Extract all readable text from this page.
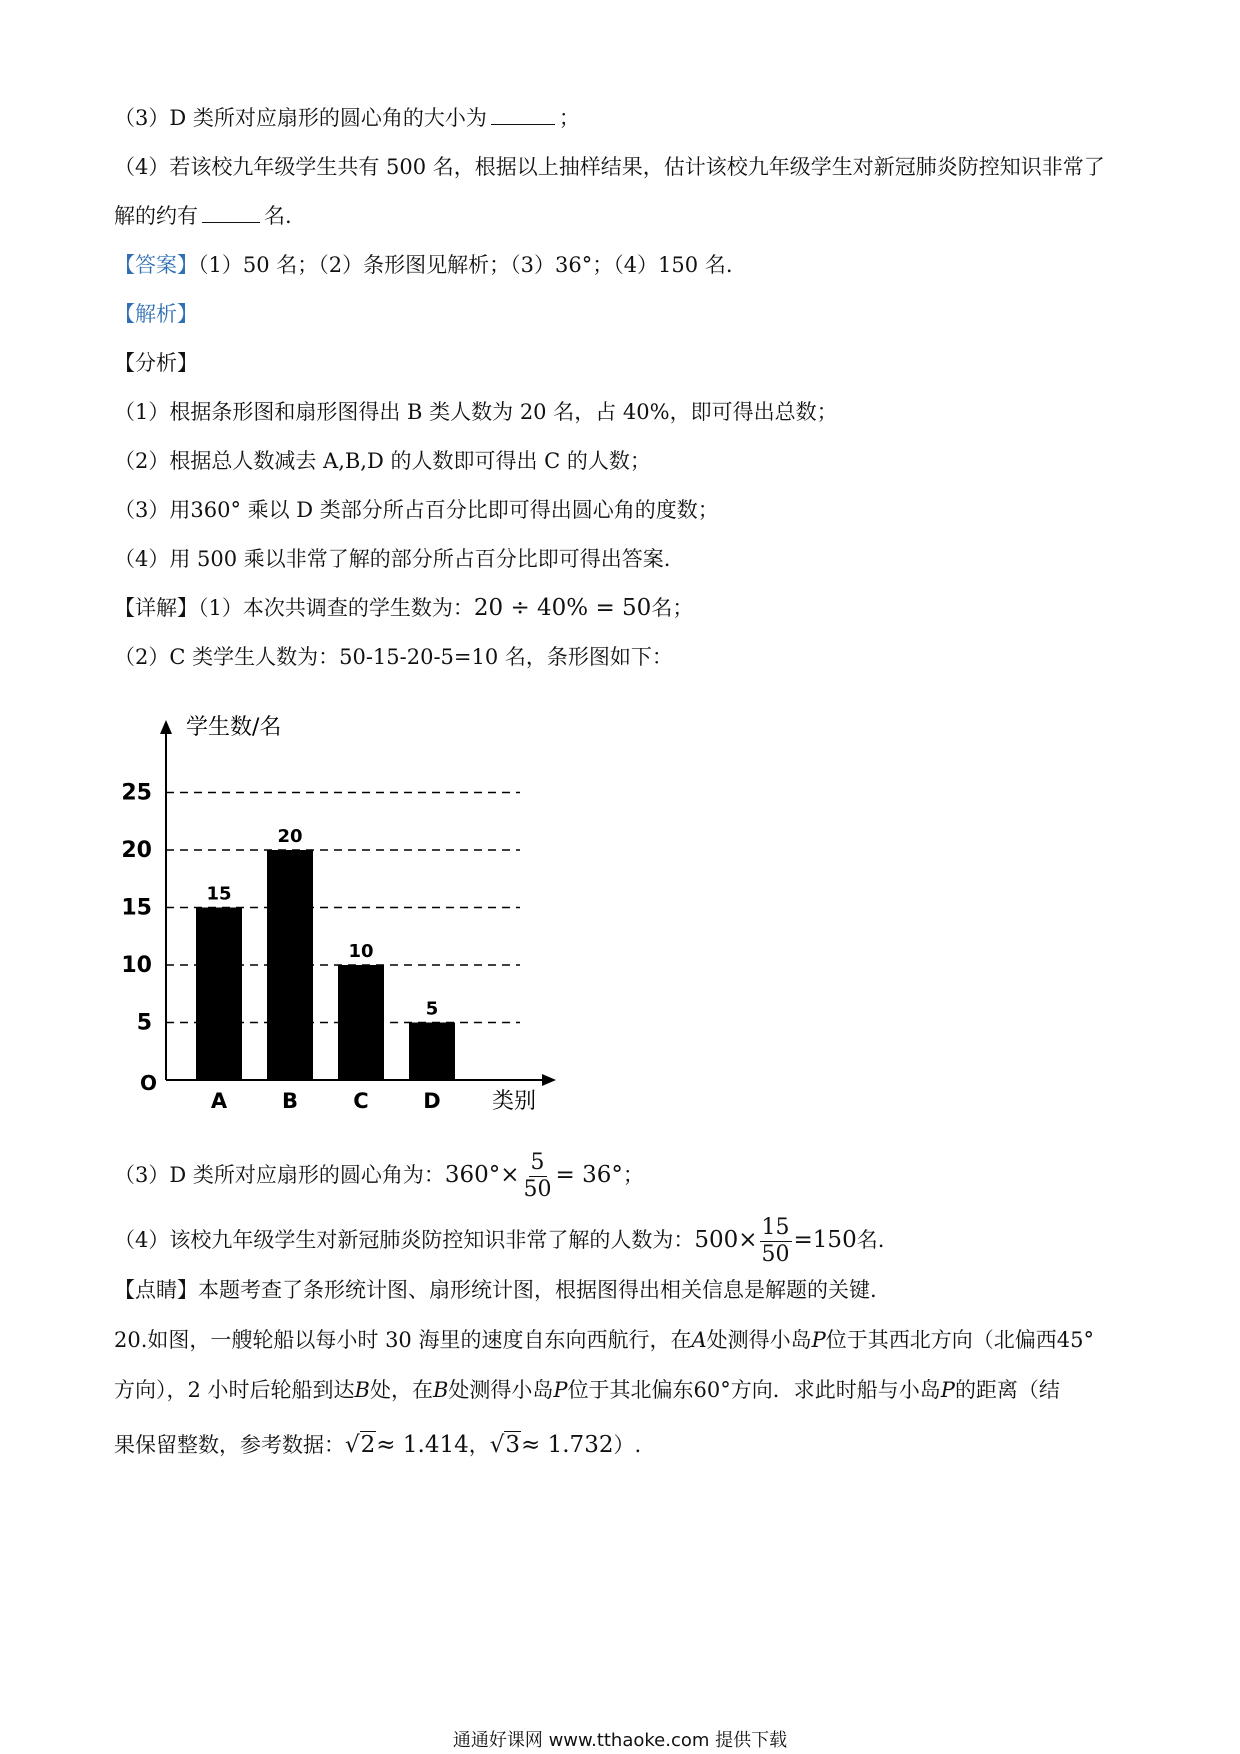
（3）D 类所对应扇形的圆心角的大小为	；
（4）若该校九年级学生共有 500 名，根据以上抽样结果，估计该校九年级学生对新冠肺炎防控知识非常了
解的约有	名.
【答案】（1）50 名；（2）条形图见解析；（3）36°；（4）150 名.
【解析】
【分析】
（1）根据条形图和扇形图得出 B 类人数为 20 名，占 40%，即可得出总数；
（2）根据总人数减去 A,B,D 的人数即可得出 C 的人数；
（3）用360° 乘以 D 类部分所占百分比即可得出圆心角的度数；
（4）用 500 乘以非常了解的部分所占百分比即可得出答案.
【详解】（1）本次共调查的学生数为：20 ÷ 40% = 50名；
（2）C 类学生人数为：50-15-20-5=10 名，条形图如下：
5
10
15
20
25
学生数/名
O
15
A
20
B
10
C
5
D 类别
（3）D 类所对应扇形的圆心角为：$360^\circ\times \frac{5}{50} = 36^\circ$；
（4）该校九年级学生对新冠肺炎防控知识非常了解的人数为：$500\times \frac{15}{50} =150$名.
【点睛】本题考查了条形统计图、扇形统计图，根据图得出相关信息是解题的关键.
20.如图，一艘轮船以每小时 30 海里的速度自东向西航行，在A处测得小岛P位于其西北方向（北偏西45°
方向），2 小时后轮船到达B处，在B处测得小岛P位于其北偏东60°方向．求此时船与小岛P的距离（结
果保留整数，参考数据：√2≈ 1.414，√3≈ 1.732）.
通通好课网 www.tthaoke.com 提供下载
